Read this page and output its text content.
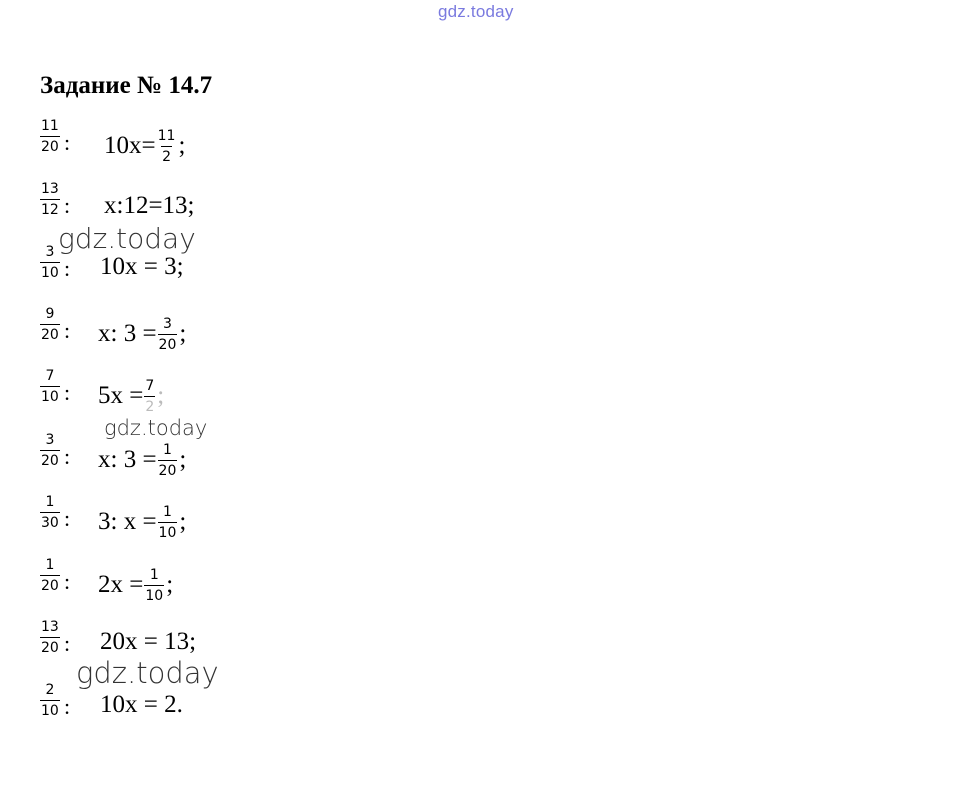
gdz.today
Задание № 14.7
$\frac{11}{20}$ : $10x= \frac{11}{2}$ ;
$\frac{13}{12}$ : x:12=13;
$\frac{3}{10}$ : 10x = 3;
$\frac{9}{20}$ : x: $3 = \frac{3}{20}$ ;
$\frac{7}{10}$ : $5x = \frac{7}{2}$ ;
$\frac{3}{20}$ : x: $3 = \frac{1}{20}$ ;
$\frac{1}{30}$ : 3: $x = \frac{1}{10}$ ;
$\frac{1}{20}$ : $2x = \frac{1}{10}$ ;
$\frac{13}{20}$ : 20x = 13;
$\frac{2}{10}$ : 10x = 2.
gdz.today
gdz.today
gdz.today
